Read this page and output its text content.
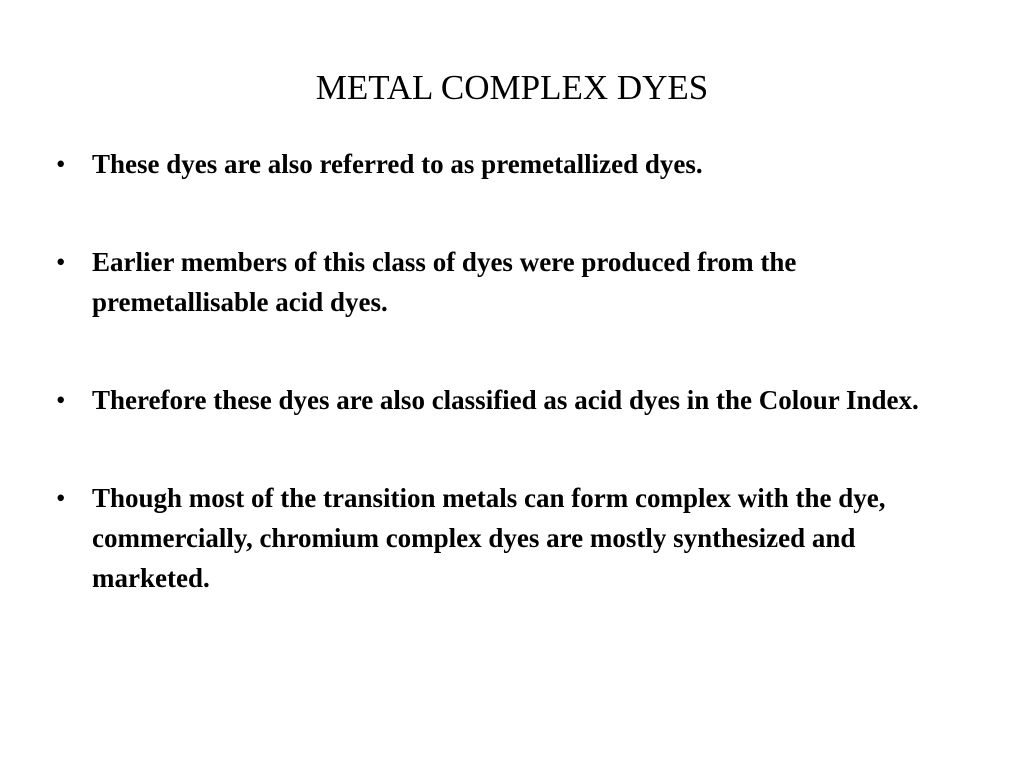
METAL COMPLEX DYES
• These dyes are also referred to as premetallized dyes.
• Earlier members of this class of dyes were produced from the premetallisable acid dyes.
• Therefore these dyes are also classified as acid dyes in the Colour Index.
• Though most of the transition metals can form complex with the dye, commercially, chromium complex dyes are mostly synthesized and marketed.
